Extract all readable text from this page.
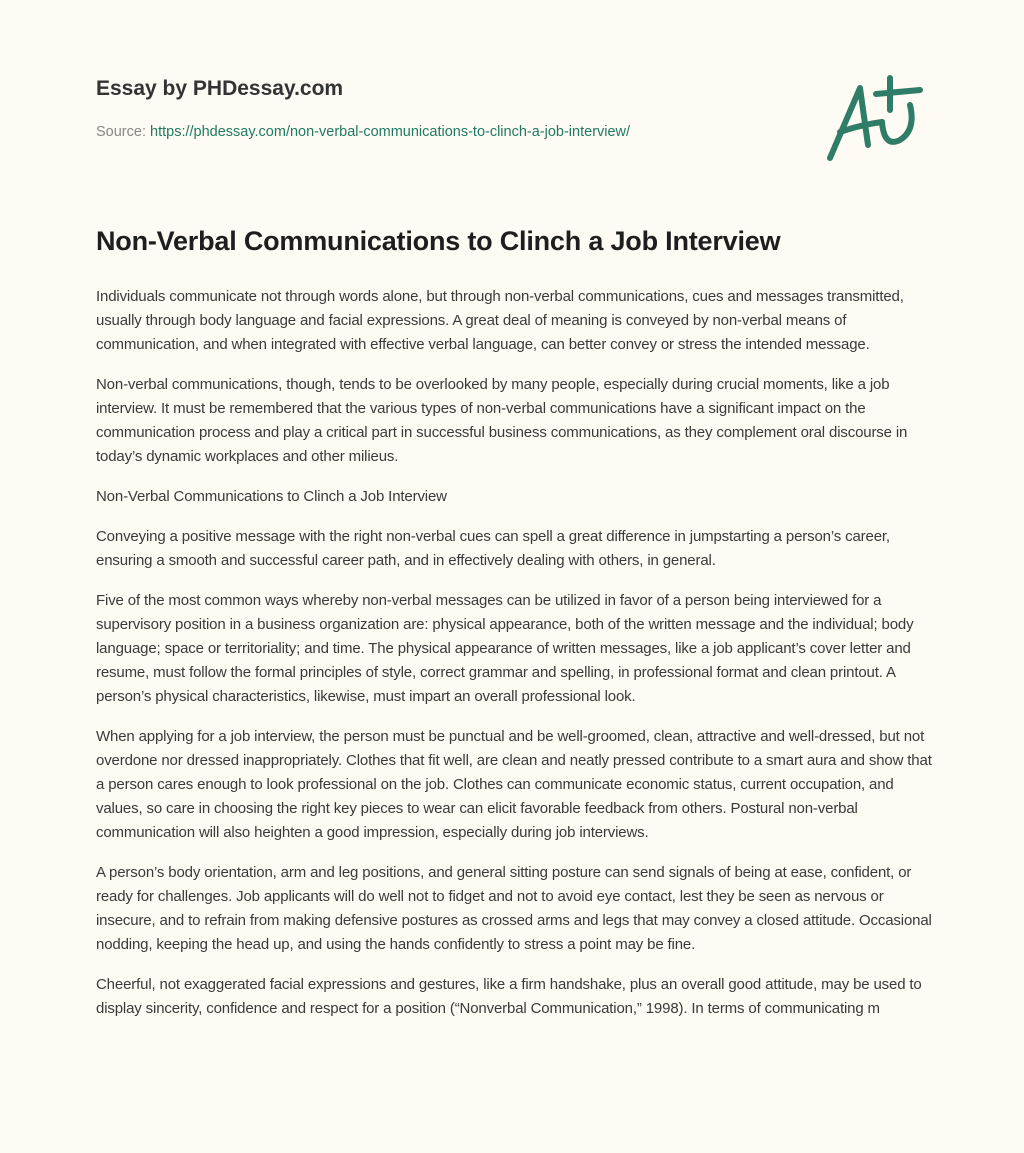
Essay by PHDessay.com
Source: https://phdessay.com/non-verbal-communications-to-clinch-a-job-interview/
Non-Verbal Communications to Clinch a Job Interview

Individuals communicate not through words alone, but through non-verbal communications, cues and messages transmitted, usually through body language and facial expressions. A great deal of meaning is conveyed by non-verbal means of communication, and when integrated with effective verbal language, can better convey or stress the intended message.

Non-verbal communications, though, tends to be overlooked by many people, especially during crucial moments, like a job interview. It must be remembered that the various types of non-verbal communications have a significant impact on the communication process and play a critical part in successful business communications, as they complement oral discourse in today’s dynamic workplaces and other milieus.

Non-Verbal Communications to Clinch a Job Interview

Conveying a positive message with the right non-verbal cues can spell a great difference in jumpstarting a person’s career, ensuring a smooth and successful career path, and in effectively dealing with others, in general.

Five of the most common ways whereby non-verbal messages can be utilized in favor of a person being interviewed for a supervisory position in a business organization are: physical appearance, both of the written message and the individual; body language; space or territoriality; and time. The physical appearance of written messages, like a job applicant’s cover letter and resume, must follow the formal principles of style, correct grammar and spelling, in professional format and clean printout. A person’s physical characteristics, likewise, must impart an overall professional look.

When applying for a job interview, the person must be punctual and be well-groomed, clean, attractive and well-dressed, but not overdone nor dressed inappropriately. Clothes that fit well, are clean and neatly pressed contribute to a smart aura and show that a person cares enough to look professional on the job. Clothes can communicate economic status, current occupation, and values, so care in choosing the right key pieces to wear can elicit favorable feedback from others. Postural non-verbal communication will also heighten a good impression, especially during job interviews.

A person’s body orientation, arm and leg positions, and general sitting posture can send signals of being at ease, confident, or ready for challenges. Job applicants will do well not to fidget and not to avoid eye contact, lest they be seen as nervous or insecure, and to refrain from making defensive postures as crossed arms and legs that may convey a closed attitude. Occasional nodding, keeping the head up, and using the hands confidently to stress a point may be fine.

Cheerful, not exaggerated facial expressions and gestures, like a firm handshake, plus an overall good attitude, may be used to display sincerity, confidence and respect for a position (“Nonverbal Communication,” 1998). In terms of communicating m
